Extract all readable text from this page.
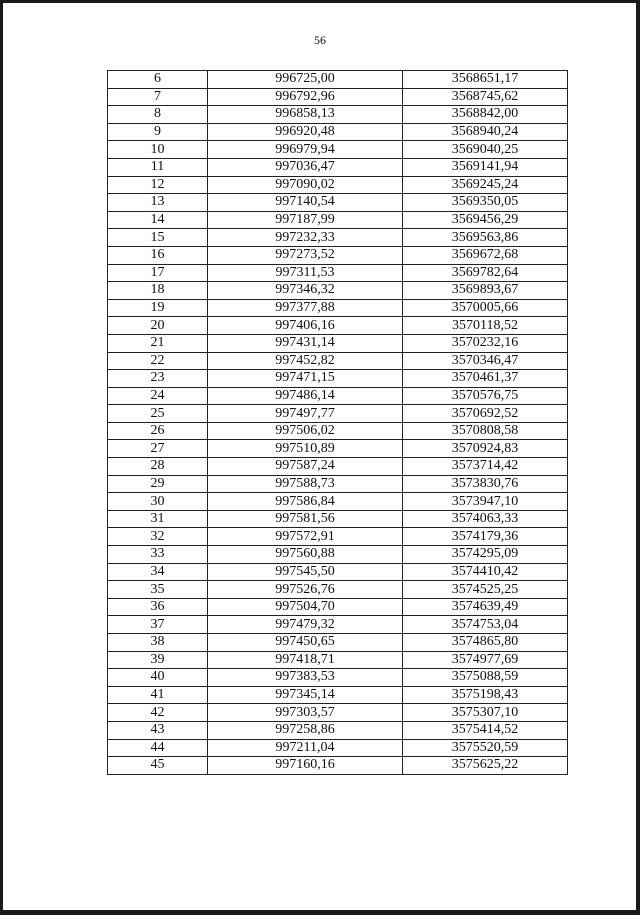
56
6	996725,00	3568651,17
7	996792,96	3568745,62
8	996858,13	3568842,00
9	996920,48	3568940,24
10	996979,94	3569040,25
11	997036,47	3569141,94
12	997090,02	3569245,24
13	997140,54	3569350,05
14	997187,99	3569456,29
15	997232,33	3569563,86
16	997273,52	3569672,68
17	997311,53	3569782,64
18	997346,32	3569893,67
19	997377,88	3570005,66
20	997406,16	3570118,52
21	997431,14	3570232,16
22	997452,82	3570346,47
23	997471,15	3570461,37
24	997486,14	3570576,75
25	997497,77	3570692,52
26	997506,02	3570808,58
27	997510,89	3570924,83
28	997587,24	3573714,42
29	997588,73	3573830,76
30	997586,84	3573947,10
31	997581,56	3574063,33
32	997572,91	3574179,36
33	997560,88	3574295,09
34	997545,50	3574410,42
35	997526,76	3574525,25
36	997504,70	3574639,49
37	997479,32	3574753,04
38	997450,65	3574865,80
39	997418,71	3574977,69
40	997383,53	3575088,59
41	997345,14	3575198,43
42	997303,57	3575307,10
43	997258,86	3575414,52
44	997211,04	3575520,59
45	997160,16	3575625,22
